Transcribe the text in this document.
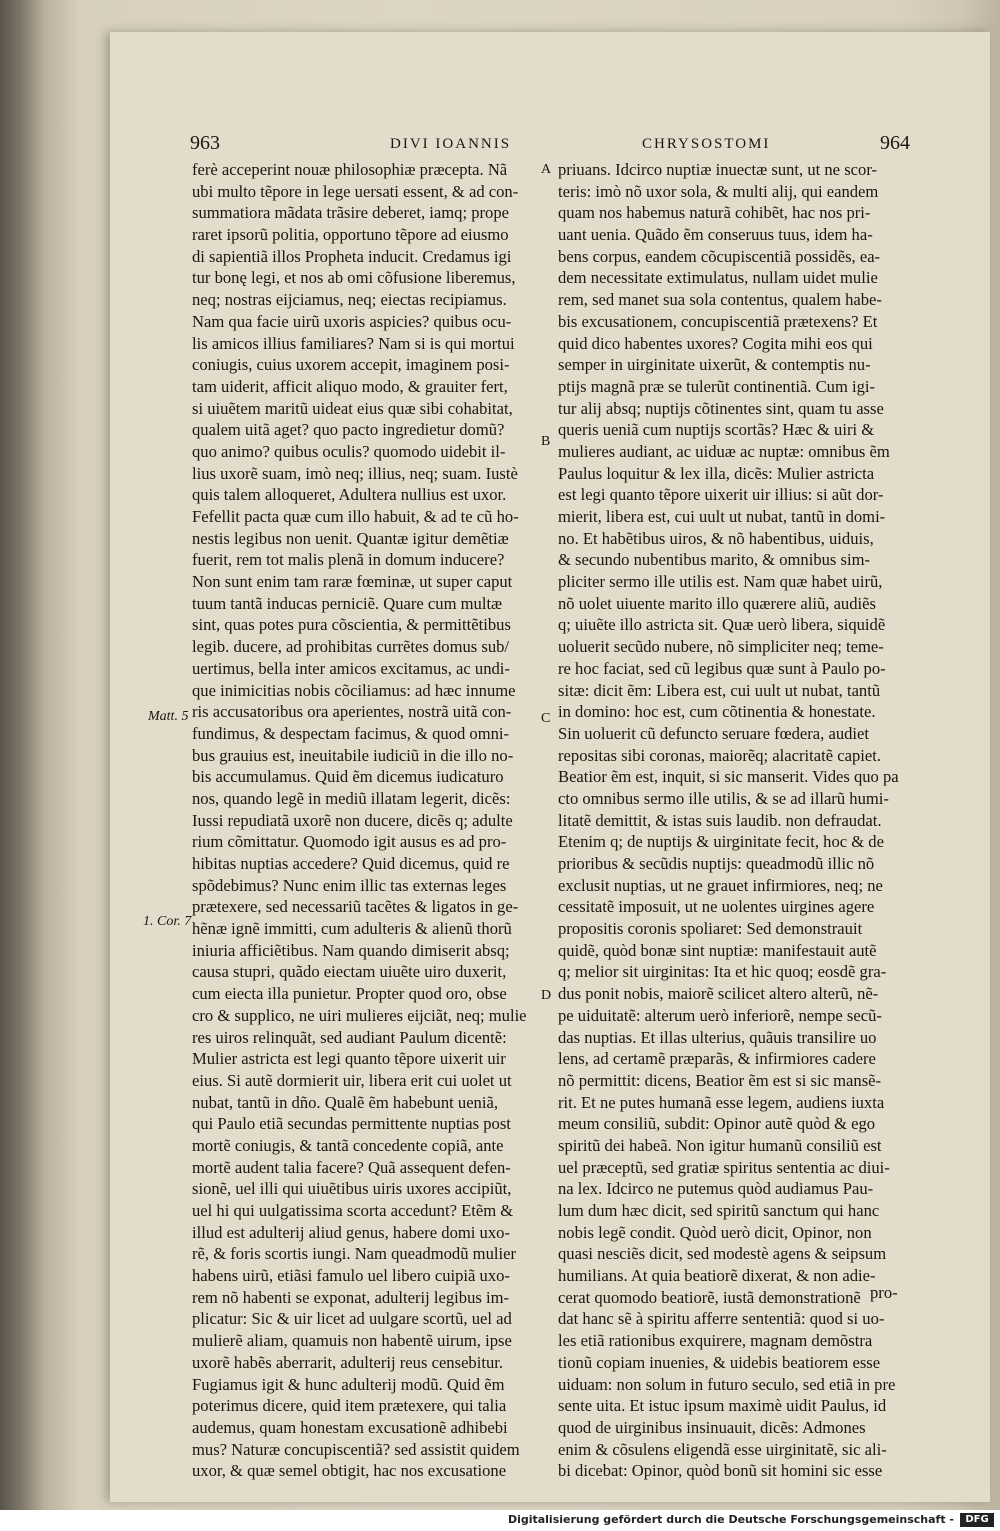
963	DIVI IOANNIS	CHRYSOSTOMI	964
ferè acceperint nouæ philosophiæ præcepta. Nã
ubi multo tẽpore in lege uersati essent, & ad con-
summatiora mãdata trãsire deberet, iamq; prope
raret ipsorũ politia, opportuno tẽpore ad eiusmo
di sapientiã illos Propheta inducit. Credamus igi
tur bonę legi, et nos ab omi cõfusione liberemus,
neq; nostras eijciamus, neq; eiectas recipiamus.
Nam qua facie uirũ uxoris aspicies? quibus ocu-
lis amicos illius familiares? Nam si is qui mortui
coniugis, cuius uxorem accepit, imaginem posi-
tam uiderit, afficit aliquo modo, & grauiter fert,
si uiuẽtem maritũ uideat eius quæ sibi cohabitat,
qualem uitã aget? quo pacto ingredietur domũ?
quo animo? quibus oculis? quomodo uidebit il-
lius uxorẽ suam, imò neq; illius, neq; suam. Iustè
quis talem alloqueret, Adultera nullius est uxor.
Fefellit pacta quæ cum illo habuit, & ad te cũ ho-
nestis legibus non uenit. Quantæ igitur demẽtiæ
fuerit, rem tot malis plenã in domum inducere?
Non sunt enim tam raræ fœminæ, ut super caput
tuum tantã inducas perniciẽ. Quare cum multæ
sint, quas potes pura cõscientia, & permittẽtibus
legib. ducere, ad prohibitas currẽtes domus sub/
uertimus, bella inter amicos excitamus, ac undi-
que inimicitias nobis cõciliamus: ad hæc innume
ris accusatoribus ora aperientes, nostrã uitã con-
fundimus, & despectam facimus, & quod omni-
bus grauius est, ineuitabile iudiciũ in die illo no-
bis accumulamus. Quid ẽm dicemus iudicaturo
nos, quando legẽ in mediũ illatam legerit, dicẽs:
Iussi repudiatã uxorẽ non ducere, dicẽs q; adulte
rium cõmittatur. Quomodo igit ausus es ad pro-
hibitas nuptias accedere? Quid dicemus, quid re
spõdebimus? Nunc enim illic tas externas leges
prætexere, sed necessariũ tacẽtes & ligatos in ge-
hẽnæ ignẽ immitti, cum adulteris & alienũ thorũ
iniuria afficiẽtibus. Nam quando dimiserit absq;
causa stupri, quãdo eiectam uiuẽte uiro duxerit,
cum eiecta illa punietur. Propter quod oro, obse
cro & supplico, ne uiri mulieres eijciãt, neq; mulie
res uiros relinquãt, sed audiant Paulum dicentẽ:
Mulier astricta est legi quanto tẽpore uixerit uir
eius. Si autẽ dormierit uir, libera erit cui uolet ut
nubat, tantũ in dño. Qualẽ ẽm habebunt ueniã,
qui Paulo etiã secundas permittente nuptias post
mortẽ coniugis, & tantã concedente copiã, ante
mortẽ audent talia facere? Quã assequent defen-
sionẽ, uel illi qui uiuẽtibus uiris uxores accipiũt,
uel hi qui uulgatissima scorta accedunt? Etẽm &
illud est adulterij aliud genus, habere domi uxo-
rẽ, & foris scortis iungi. Nam queadmodũ mulier
habens uirũ, etiãsi famulo uel libero cuipiã uxo-
rem nõ habenti se exponat, adulterij legibus im-
plicatur: Sic & uir licet ad uulgare scortũ, uel ad
mulierẽ aliam, quamuis non habentẽ uirum, ipse
uxorẽ habẽs aberrarit, adulterij reus censebitur.
Fugiamus igit & hunc adulterij modũ. Quid ẽm
poterimus dicere, quid item prætexere, qui talia
audemus, quam honestam excusationẽ adhibebi
mus? Naturæ concupiscentiã? sed assistit quidem
uxor, & quæ semel obtigit, hac nos excusatione
priuans. Idcirco nuptiæ inuectæ sunt, ut ne scor-
teris: imò nõ uxor sola, & multi alij, qui eandem
quam nos habemus naturã cohibẽt, hac nos pri-
uant uenia. Quãdo ẽm conseruus tuus, idem ha-
bens corpus, eandem cõcupiscentiã possidẽs, ea-
dem necessitate extimulatus, nullam uidet mulie
rem, sed manet sua sola contentus, qualem habe-
bis excusationem, concupiscentiã prætexens? Et
quid dico habentes uxores? Cogita mihi eos qui
semper in uirginitate uixerũt, & contemptis nu-
ptijs magnã præ se tulerũt continentiã. Cum igi-
tur alij absq; nuptijs cõtinentes sint, quam tu asse
queris ueniã cum nuptijs scortãs? Hæc & uiri &
mulieres audiant, ac uiduæ ac nuptæ: omnibus ẽm
Paulus loquitur & lex illa, dicẽs: Mulier astricta
est legi quanto tẽpore uixerit uir illius: si aũt dor-
mierit, libera est, cui uult ut nubat, tantũ in domi-
no. Et habẽtibus uiros, & nõ habentibus, uiduis,
& secundo nubentibus marito, & omnibus sim-
pliciter sermo ille utilis est. Nam quæ habet uirũ,
nõ uolet uiuente marito illo quærere aliũ, audiẽs
q; uiuẽte illo astricta sit. Quæ uerò libera, siquidẽ
uoluerit secũdo nubere, nõ simpliciter neq; teme-
re hoc faciat, sed cũ legibus quæ sunt à Paulo po-
sitæ: dicit ẽm: Libera est, cui uult ut nubat, tantũ
in domino: hoc est, cum cõtinentia & honestate.
Sin uoluerit cũ defuncto seruare fœdera, audiet
repositas sibi coronas, maiorẽq; alacritatẽ capiet.
Beatior ẽm est, inquit, si sic manserit. Vides quo pa
cto omnibus sermo ille utilis, & se ad illarũ humi-
litatẽ demittit, & istas suis laudib. non defraudat.
Etenim q; de nuptijs & uirginitate fecit, hoc & de
prioribus & secũdis nuptijs: queadmodũ illic nõ
exclusit nuptias, ut ne grauet infirmiores, neq; ne
cessitatẽ imposuit, ut ne uolentes uirgines agere
propositis coronis spoliaret: Sed demonstrauit
quidẽ, quòd bonæ sint nuptiæ: manifestauit autẽ
q; melior sit uirginitas: Ita et hic quoq; eosdẽ gra-
dus ponit nobis, maiorẽ scilicet altero alterũ, nẽ-
pe uiduitatẽ: alterum uerò inferiorẽ, nempe secũ-
das nuptias. Et illas ulterius, quãuis transilire uo
lens, ad certamẽ præparãs, & infirmiores cadere
nõ permittit: dicens, Beatior ẽm est si sic mansẽ-
rit. Et ne putes humanã esse legem, audiens iuxta
meum consiliũ, subdit: Opinor autẽ quòd & ego
spiritũ dei habeã. Non igitur humanũ consiliũ est
uel præceptũ, sed gratiæ spiritus sententia ac diui-
na lex. Idcirco ne putemus quòd audiamus Pau-
lum dum hæc dicit, sed spiritũ sanctum qui hanc
nobis legẽ condit. Quòd uerò dicit, Opinor, non
quasi nesciẽs dicit, sed modestè agens & seipsum
humilians. At quia beatiorẽ dixerat, & non adie-
cerat quomodo beatiorẽ, iustã demonstrationẽ
dat hanc sẽ à spiritu afferre sententiã: quod si uo-
les etiã rationibus exquirere, magnam demõstra
tionũ copiam inuenies, & uidebis beatiorem esse
uiduam: non solum in futuro seculo, sed etiã in pre
sente uita. Et istuc ipsum maximè uidit Paulus, id
quod de uirginibus insinuauit, dicẽs: Admones
enim & cõsulens eligendã esse uirginitatẽ, sic ali-
bi dicebat: Opinor, quòd bonũ sit homini sic esse
A
B
C
D
Matt. 5
1. Cor. 7
pro-
Digitalisierung gefördert durch die Deutsche Forschungsgemeinschaft -	DFG
